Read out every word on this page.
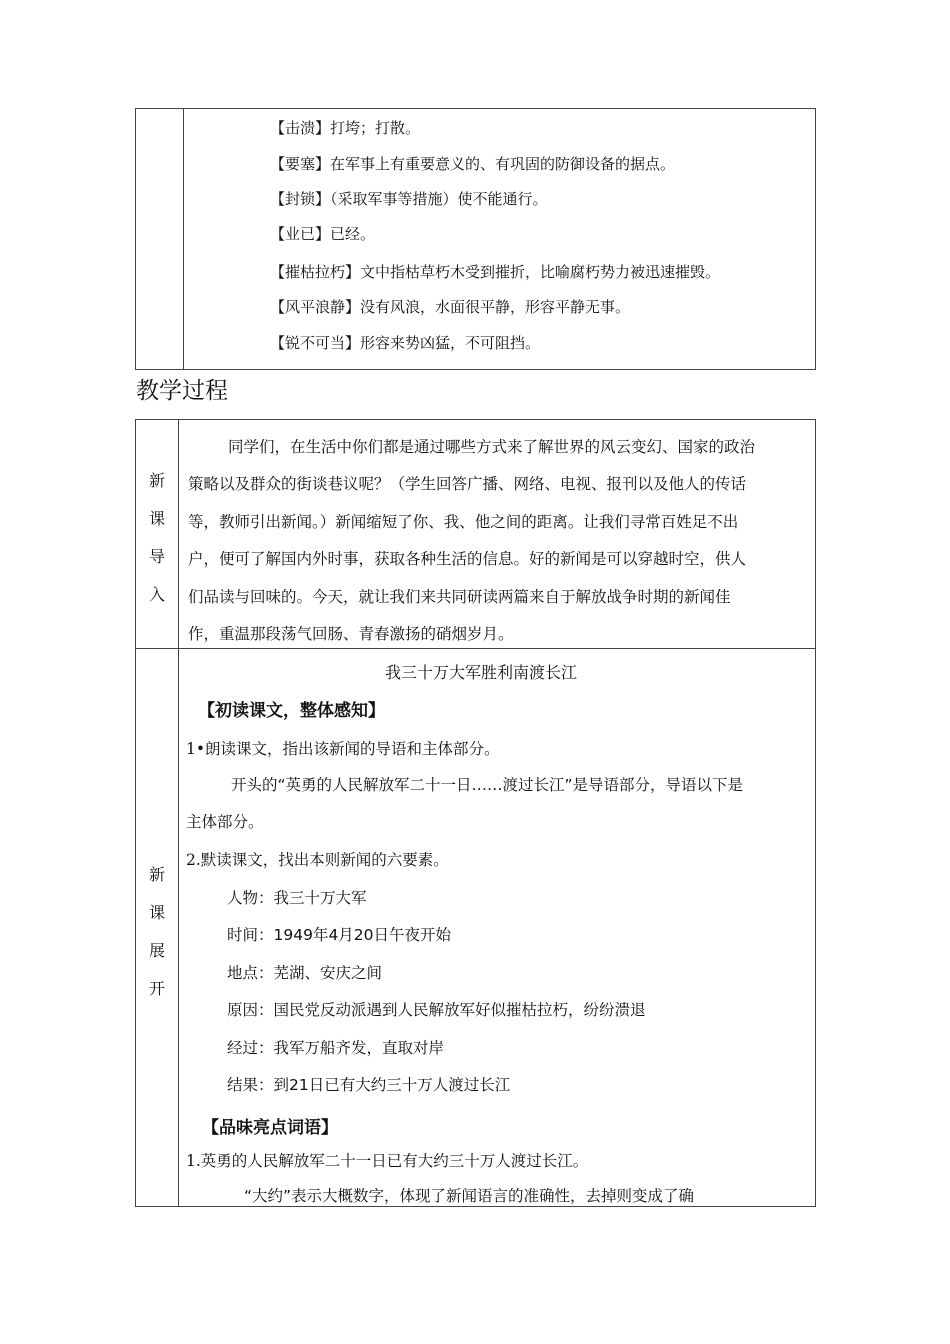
【击溃】打垮；打散。
【要塞】在军事上有重要意义的、有巩固的防御设备的据点。
【封锁】（采取军事等措施）使不能通行。
【业已】已经。
【摧枯拉朽】文中指枯草朽木受到摧折，比喻腐朽势力被迅速摧毁。
【风平浪静】没有风浪，水面很平静，形容平静无事。
【锐不可当】形容来势凶猛，不可阻挡。
教学过程
新
课
导
入
同学们，在生活中你们都是通过哪些方式来了解世界的风云变幻、国家的政治
策略以及群众的街谈巷议呢？（学生回答广播、网络、电视、报刊以及他人的传话
等，教师引出新闻。）新闻缩短了你、我、他之间的距离。让我们寻常百姓足不出
户，便可了解国内外时事，获取各种生活的信息。好的新闻是可以穿越时空，供人
们品读与回味的。今天，就让我们来共同研读两篇来自于解放战争时期的新闻佳
作，重温那段荡气回肠、青春激扬的硝烟岁月。
新
课
展
开
我三十万大军胜利南渡长江
【初读课文，整体感知】
1•朗读课文，指出该新闻的导语和主体部分。
开头的“英勇的人民解放军二十一日……渡过长江”是导语部分，导语以下是
主体部分。
2.默读课文，找出本则新闻的六要素。
人物：我三十万大军
时间：1949年4月20日午夜开始
地点：芜湖、安庆之间
原因：国民党反动派遇到人民解放军好似摧枯拉朽，纷纷溃退
经过：我军万船齐发，直取对岸
结果：到21日已有大约三十万人渡过长江
【品味亮点词语】
1.英勇的人民解放军二十一日已有大约三十万人渡过长江。
“大约”表示大概数字，体现了新闻语言的准确性，去掉则变成了确
